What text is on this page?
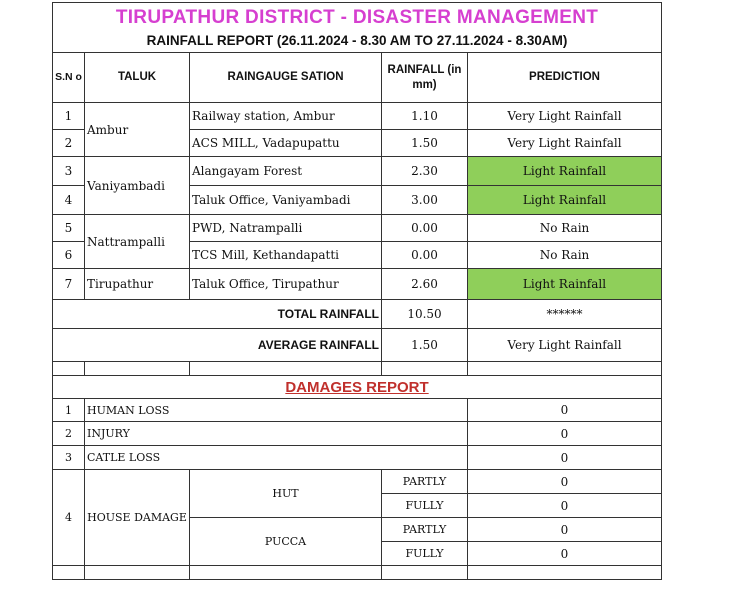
TIRUPATHUR DISTRICT - DISASTER MANAGEMENT
RAINFALL REPORT (26.11.2024 - 8.30 AM TO 27.11.2024 - 8.30AM)				

S.N o	TALUK	RAINGAUGE SATION	RAINFALL (in mm)	PREDICTION
1	Ambur	Railway station, Ambur	1.10	Very Light Rainfall
2		ACS MILL, Vadapupattu	1.50	Very Light Rainfall
3	Vaniyambadi	Alangayam Forest	2.30	Light Rainfall
4		Taluk Office, Vaniyambadi	3.00	Light Rainfall
5	Nattrampalli	PWD, Natrampalli	0.00	No Rain
6		TCS Mill, Kethandapatti	0.00	No Rain
7	Tirupathur	Taluk Office, Tirupathur	2.60	Light Rainfall
TOTAL RAINFALL			10.50	******
AVERAGE RAINFALL			1.50	Very Light Rainfall

DAMAGES REPORT				
1	HUMAN LOSS			0
2	INJURY			0
3	CATLE LOSS			0
4	HOUSE DAMAGE	HUT	PARTLY	0
			FULLY	0
		PUCCA	PARTLY	0
			FULLY	0
